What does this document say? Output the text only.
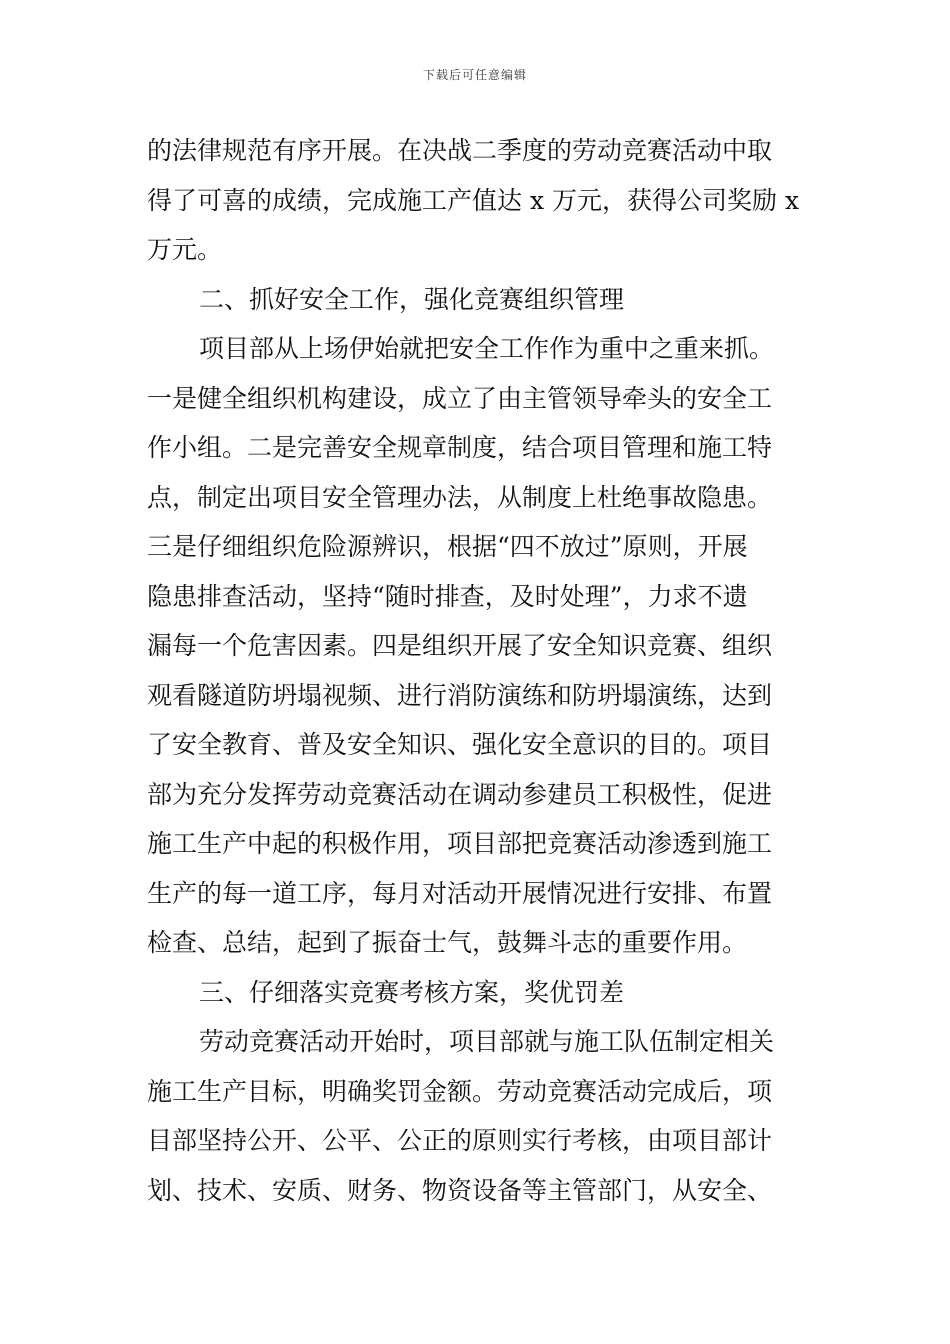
下载后可任意编辑
的法律规范有序开展。在决战二季度的劳动竞赛活动中取
得了可喜的成绩，完成施工产值达 x 万元，获得公司奖励 x
万元。
二、抓好安全工作，强化竞赛组织管理
项目部从上场伊始就把安全工作作为重中之重来抓。
一是健全组织机构建设，成立了由主管领导牵头的安全工
作小组。二是完善安全规章制度，结合项目管理和施工特
点，制定出项目安全管理办法，从制度上杜绝事故隐患。
三是仔细组织危险源辨识，根据“四不放过”原则，开展
隐患排查活动，坚持“随时排查，及时处理”，力求不遗
漏每一个危害因素。四是组织开展了安全知识竞赛、组织
观看隧道防坍塌视频、进行消防演练和防坍塌演练，达到
了安全教育、普及安全知识、强化安全意识的目的。项目
部为充分发挥劳动竞赛活动在调动参建员工积极性，促进
施工生产中起的积极作用，项目部把竞赛活动渗透到施工
生产的每一道工序，每月对活动开展情况进行安排、布置
检查、总结，起到了振奋士气，鼓舞斗志的重要作用。
三、仔细落实竞赛考核方案，奖优罚差
劳动竞赛活动开始时，项目部就与施工队伍制定相关
施工生产目标，明确奖罚金额。劳动竞赛活动完成后，项
目部坚持公开、公平、公正的原则实行考核，由项目部计
划、技术、安质、财务、物资设备等主管部门，从安全、
